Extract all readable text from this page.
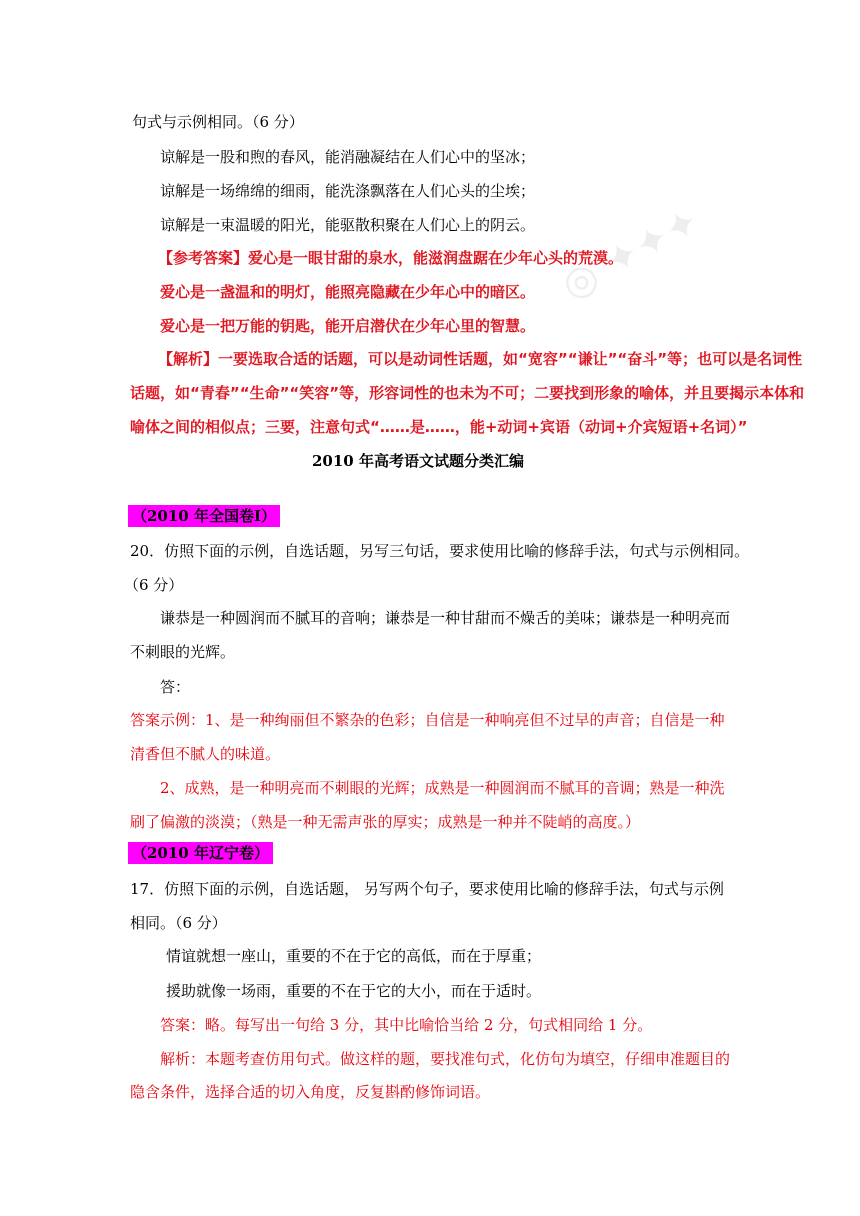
◎ ✦✦✦
句式与示例相同。（6 分）
谅解是一股和煦的春风，能消融凝结在人们心中的坚冰；
谅解是一场绵绵的细雨，能洗涤飘落在人们心头的尘埃；
谅解是一束温暖的阳光，能驱散积聚在人们心上的阴云。
【参考答案】爱心是一眼甘甜的泉水，能滋润盘踞在少年心头的荒漠。
爱心是一盏温和的明灯，能照亮隐藏在少年心中的暗区。
爱心是一把万能的钥匙，能开启潜伏在少年心里的智慧。
【解析】一要选取合适的话题，可以是动词性话题，如“宽容”“谦让”“奋斗”等；也可以是名词性
话题，如“青春”“生命”“笑容”等，形容词性的也未为不可；二要找到形象的喻体，并且要揭示本体和
喻体之间的相似点；三要，注意句式“……是……，能+动词+宾语（动词+介宾短语+名词）”
2010 年高考语文试题分类汇编
（2010 年全国卷Ⅰ）
20．仿照下面的示例，自选话题，另写三句话，要求使用比喻的修辞手法，句式与示例相同。
（6 分）
谦恭是一种圆润而不腻耳的音响；谦恭是一种甘甜而不燥舌的美味；谦恭是一种明亮而
不刺眼的光辉。
答：
答案示例：1、是一种绚丽但不繁杂的色彩；自信是一种响亮但不过早的声音；自信是一种
清香但不腻人的味道。
2、成熟，是一种明亮而不刺眼的光辉；成熟是一种圆润而不腻耳的音调；熟是一种洗
刷了偏激的淡漠；（熟是一种无需声张的厚实；成熟是一种并不陡峭的高度。）
（2010 年辽宁卷）
17．仿照下面的示例，自选话题， 另写两个句子，要求使用比喻的修辞手法，句式与示例
相同。（6 分）
情谊就想一座山，重要的不在于它的高低，而在于厚重；
援助就像一场雨，重要的不在于它的大小，而在于适时。
答案：略。每写出一句给 3 分，其中比喻恰当给 2 分，句式相同给 1 分。
解析：本题考查仿用句式。做这样的题，要找准句式，化仿句为填空，仔细申准题目的
隐含条件，选择合适的切入角度，反复斟酌修饰词语。
